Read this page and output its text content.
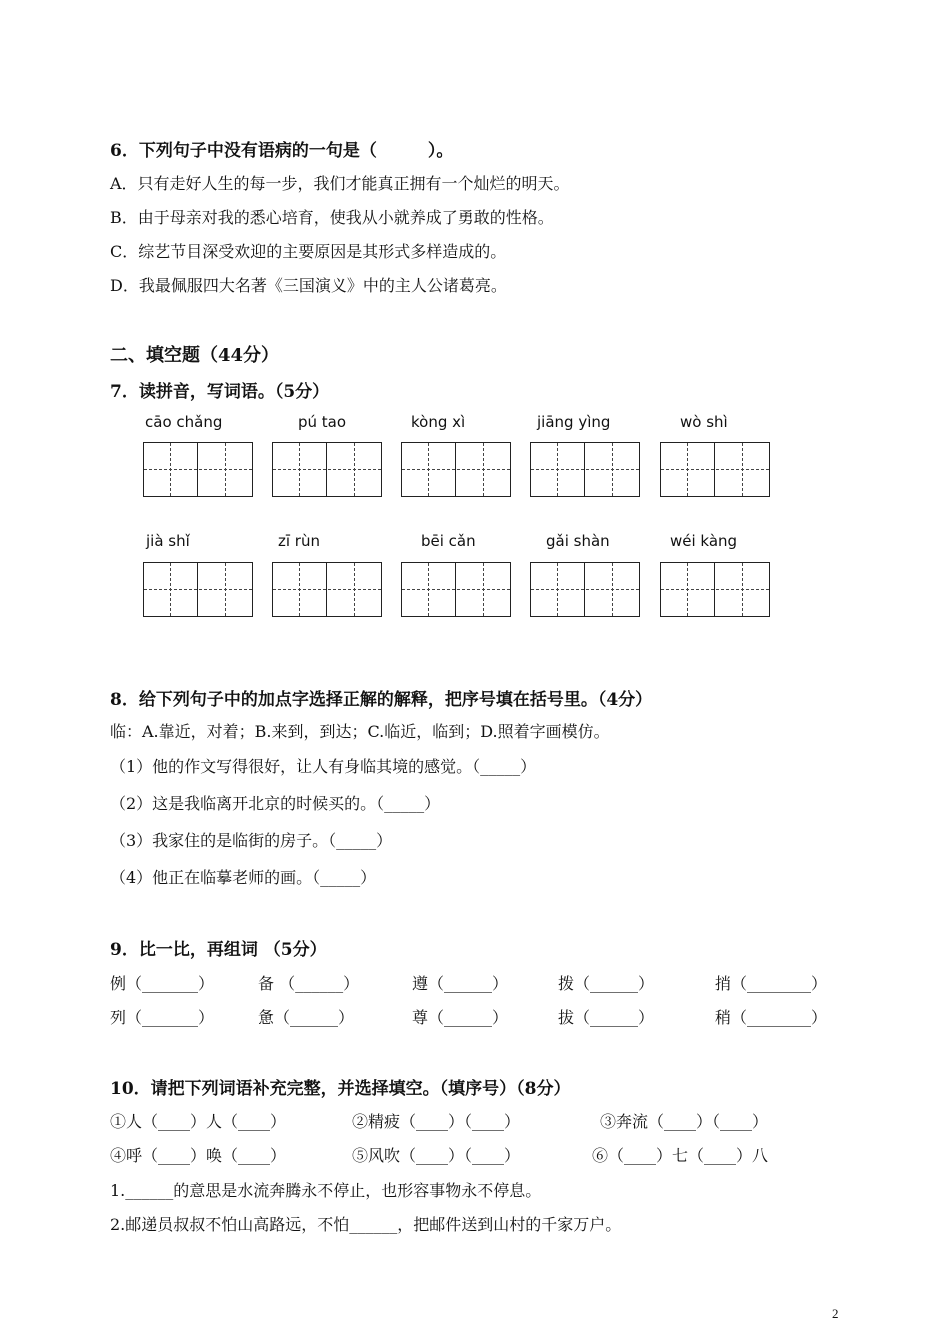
6．下列句子中没有语病的一句是（　　　）。
A．只有走好人生的每一步，我们才能真正拥有一个灿烂的明天。
B．由于母亲对我的悉心培育，使我从小就养成了勇敢的性格。
C．综艺节目深受欢迎的主要原因是其形式多样造成的。
D．我最佩服四大名著《三国演义》中的主人公诸葛亮。
二、填空题（44分）
7．读拼音，写词语。（5分）
cāo chǎng	pú tao	kòng xì	jiāng yìng	wò shì
jià shǐ	zī rùn	bēi cǎn	gǎi shàn	wéi kàng
8．给下列句子中的加点字选择正解的解释，把序号填在括号里。（4分）
临：A.靠近，对着；B.来到，到达；C.临近，临到；D.照着字画模仿。
（1）他的作文写得很好，让人有身临其境的感觉。（_____）
（2）这是我临离开北京的时候买的。（_____）
（3）我家住的是临街的房子。（_____）
（4）他正在临摹老师的画。（_____）
9．比一比，再组词 （5分）
例（_______）	备 （______）	遵（______）	拨（______）	捎（________）
列（_______）	惫（______）	尊（______）	拔（______）	稍（________）
10．请把下列词语补充完整，并选择填空。（填序号）（8分）
①人（____）人（____）	②精疲（____）（____）	③奔流（____）（____）
④呼（____）唤（____）	⑤风吹（____）（____）	⑥（____）七（____）八
1.______的意思是水流奔腾永不停止，也形容事物永不停息。
2.邮递员叔叔不怕山高路远，不怕______，把邮件送到山村的千家万户。
2
